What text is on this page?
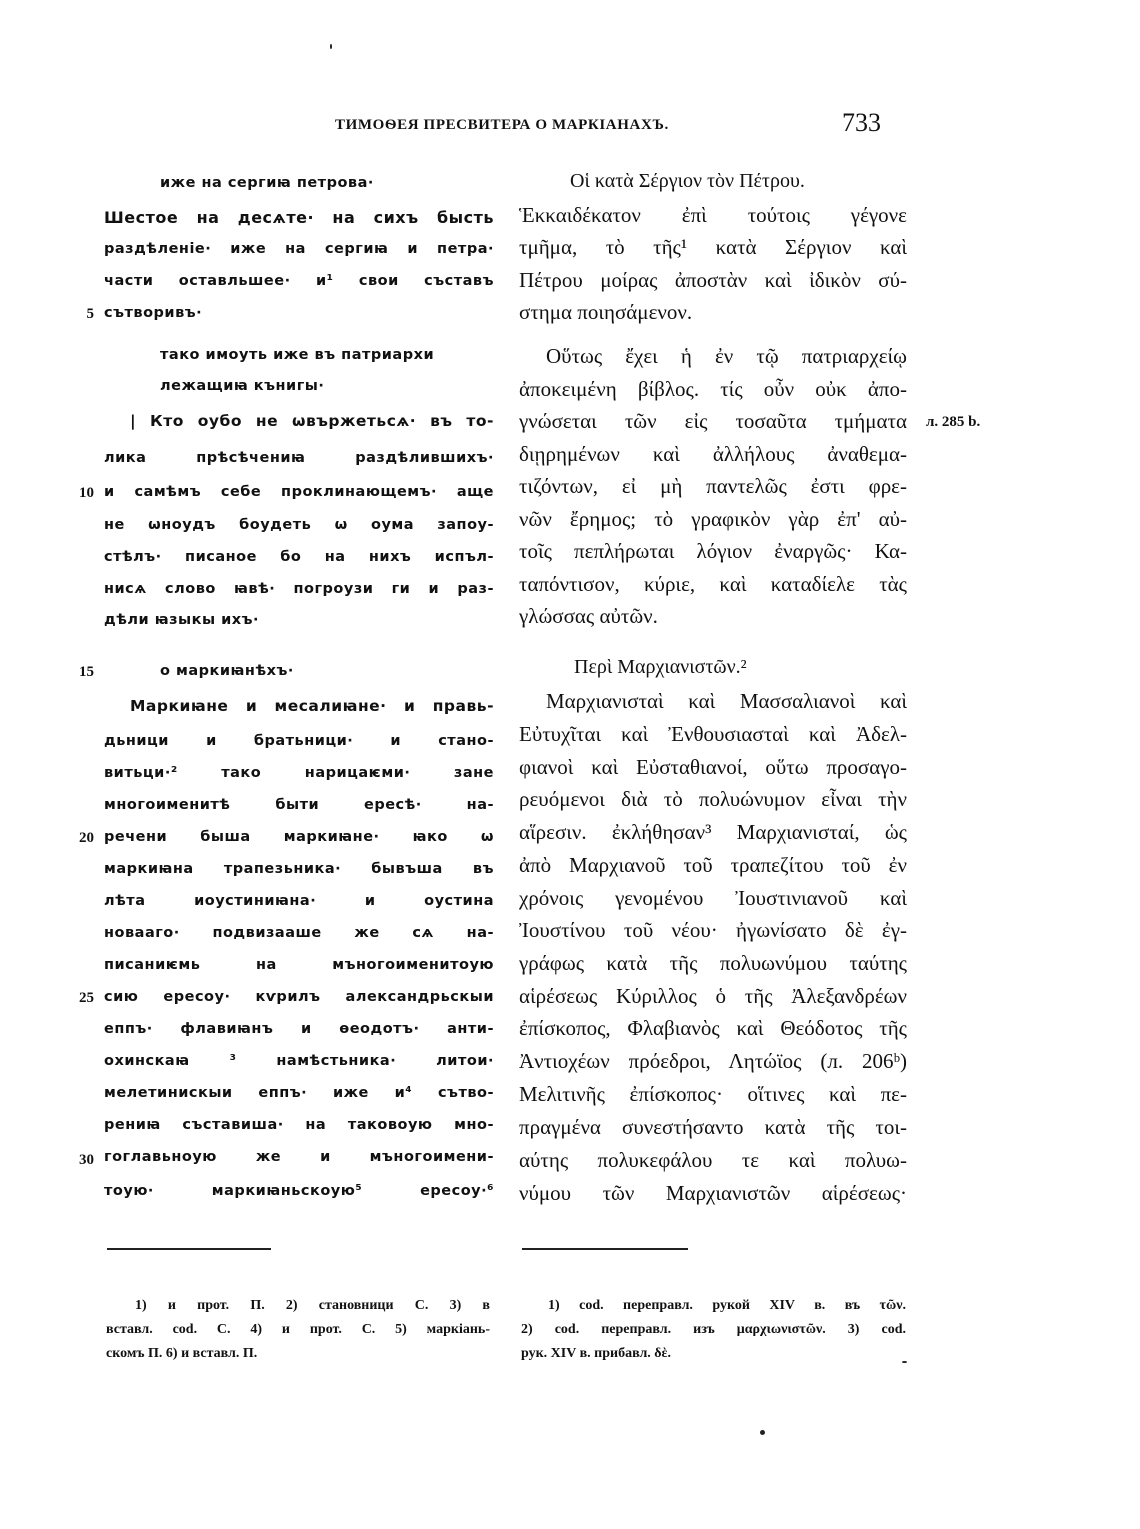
ТИМОѲЕЯ ПРЕСВИТЕРА О МАРКІАНАХЪ.	733
иже на сергиꙗ петрова·
Шестое на десѧте· на сихъ бысть
раздѣленіе· иже на сергиꙗ и петра·
части оставльшее· и¹ свои съставъ
сътворивъ·
тако имоуть иже въ патриархи
лежащиꙗ кънигы·
| Кто оубо не ѡвържетьсѧ· въ то-
лика прѣсѣчениꙗ раздѣлившихъ·
и самѣмъ себе проклинающемъ· аще
не ѡноудъ боудеть ѡ оума запоу-
стѣлъ· писаное бо на нихъ испъл-
нисѧ слово ꙗвѣ· погроузи ги и раз-
дѣли ꙗзыкы ихъ·
о маркиꙗнѣхъ·
Маркиꙗне и месалиꙗне· и правь-
дьници и братьници· и стано-
витьци·² тако нарицаѥми· зане
многоименитѣ быти ересѣ· на-
речени быша маркиꙗне· ꙗко ѡ
маркиꙗна трапезьника· бывъша въ
лѣта иоустиниꙗна· и оустина
новааго· подвизааше же сѧ на-
писаниѥмь на мъногоименитоую
сию ересоу· кѵрилъ александрьскыи
еппъ· флавиꙗнъ и ѳеодотъ· анти-
охинскаꙗ ³ намѣстьника· литои·
мелетинискыи еппъ· иже и⁴ сътво-
рениꙗ съставиша· на таковоую мно-
гоглавьноую же и мъногоимени-
тоую· маркиꙗньскоую⁵ ересоу·⁶
5
10
15
20
25
30
Οἱ κατὰ Σέργιον τὸν Πέτρου.
Ἑκκαιδέκατον ἐπὶ τούτοις γέγονε
τμῆμα, τὸ τῆς¹ κατὰ Σέργιον καὶ
Πέτρου μοίρας ἀποστὰν καὶ ἰδικὸν σύ-
στημα ποιησάμενον.
Οὕτως ἔχει ἡ ἐν τῷ πατριαρχείῳ
ἀποκειμένη βίβλος. τίς οὖν οὐκ ἀπο-
γνώσεται τῶν εἰς τοσαῦτα τμήματα
διῃρημένων καὶ ἀλλήλους ἀναθεμα-
τιζόντων, εἰ μὴ παντελῶς ἐστι φρε-
νῶν ἔρημος; τὸ γραφικὸν γὰρ ἐπ' αὐ-
τοῖς πεπλήρωται λόγιον ἐναργῶς· Κα-
ταπόντισον, κύριε, καὶ καταδίελε τὰς
γλώσσας αὐτῶν.
Περὶ Μαρχιανιστῶν.²
Μαρχιανισταὶ καὶ Μασσαλιανοὶ καὶ
Εὐτυχῖται καὶ Ἐνθουσιασταὶ καὶ Ἀδελ-
φιανοὶ καὶ Εὐσταθιανοί, οὕτω προσαγο-
ρευόμενοι διὰ τὸ πολυώνυμον εἶναι τὴν
αἵρεσιν. ἐκλήθησαν³ Μαρχιανισταί, ὡς
ἀπὸ Μαρχιανοῦ τοῦ τραπεζίτου τοῦ ἐν
χρόνοις γενομένου Ἰουστινιανοῦ καὶ
Ἰουστίνου τοῦ νέου· ἠγωνίσατο δὲ ἐγ-
γράφως κατὰ τῆς πολυωνύμου ταύτης
αἱρέσεως Κύριλλος ὁ τῆς Ἀλεξανδρέων
ἐπίσκοπος, Φλαβιανὸς καὶ Θεόδοτος τῆς
Ἀντιοχέων πρόεδροι, Λητώϊος (л. 206ᵇ)
Μελιτινῆς ἐπίσκοπος· οἵτινες καὶ πε-
πραγμένα συνεστήσαντο κατὰ τῆς τοι-
αύτης πολυκεφάλου τε καὶ πολυω-
νύμου τῶν Μαρχιανιστῶν αἱρέσεως·
л. 285 b.
1) и прот. П. 2) становници С. 3) в
вставл. cod. С. 4) и прот. С. 5) маркіань-
скомъ П. 6) и вставл. П.
1) cod. переправл. рукой XIV в. въ τῶν.
2) cod. переправл. изъ μαρχιωνιστῶν. 3) cod.
рук. XIV в. прибавл. δὲ.
